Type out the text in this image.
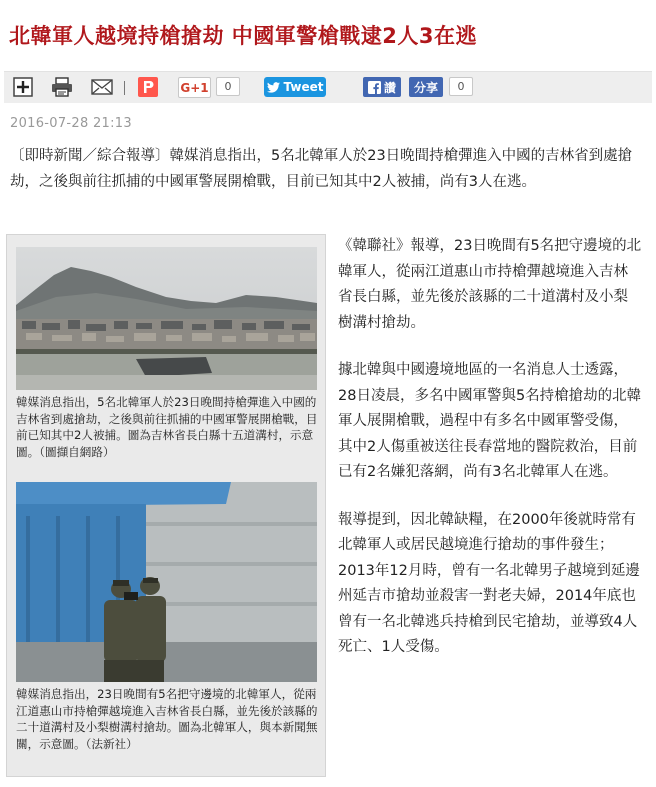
北韓軍人越境持槍搶劫 中國軍警槍戰逮2人3在逃
G+1	0	Tweet	讚	分享	0
2016-07-28 21:13
〔即時新聞／綜合報導〕韓媒消息指出，5名北韓軍人於23日晚間持槍彈進入中國的吉林省到處搶劫，之後與前往抓捕的中國軍警展開槍戰，目前已知其中2人被捕，尚有3人在逃。
韓媒消息指出，5名北韓軍人於23日晚間持槍彈進入中國的吉林省到處搶劫，之後與前往抓捕的中國軍警展開槍戰，目前已知其中2人被捕。圖為吉林省長白縣十五道溝村，示意圖。（圖擷自網路）
韓媒消息指出，23日晚間有5名把守邊境的北韓軍人，從兩江道惠山市持槍彈越境進入吉林省長白縣，並先後於該縣的二十道溝村及小梨樹溝村搶劫。圖為北韓軍人，與本新聞無關，示意圖。（法新社）

《韓聯社》報導，23日晚間有5名把守邊境的北韓軍人，從兩江道惠山市持槍彈越境進入吉林省長白縣，並先後於該縣的二十道溝村及小梨樹溝村搶劫。

據北韓與中國邊境地區的一名消息人士透露，28日凌晨，多名中國軍警與5名持槍搶劫的北韓軍人展開槍戰，過程中有多名中國軍警受傷，其中2人傷重被送往長春當地的醫院救治，目前已有2名嫌犯落網，尚有3名北韓軍人在逃。

報導提到，因北韓缺糧，在2000年後就時常有北韓軍人或居民越境進行搶劫的事件發生；2013年12月時，曾有一名北韓男子越境到延邊州延吉市搶劫並殺害一對老夫婦，2014年底也曾有一名北韓逃兵持槍到民宅搶劫，並導致4人死亡、1人受傷。
